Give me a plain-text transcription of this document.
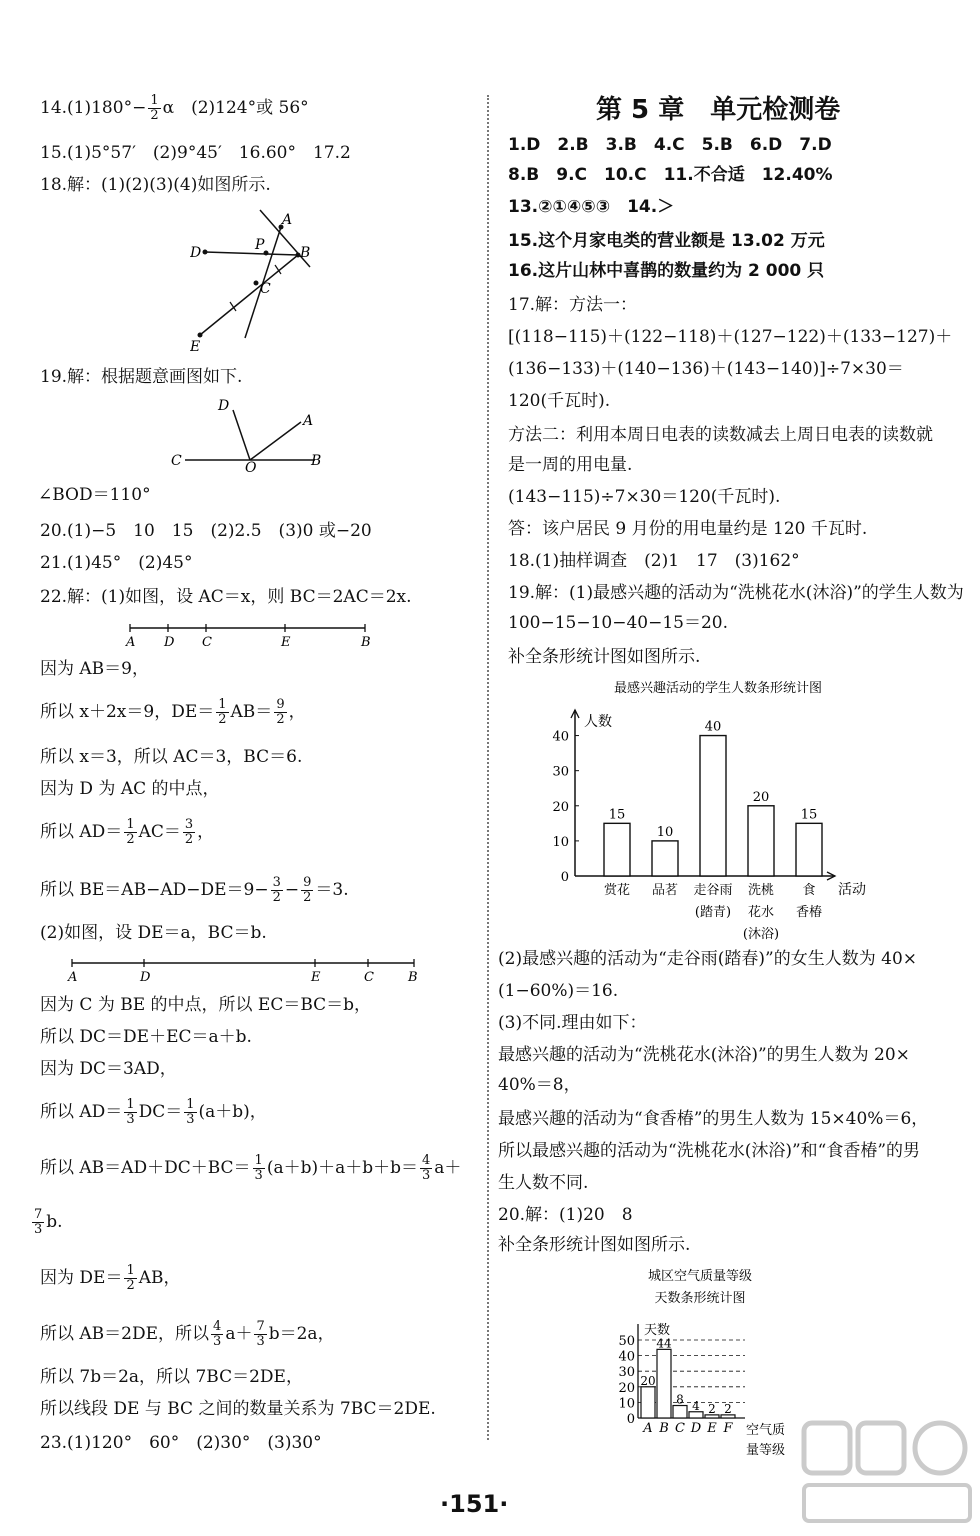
$14.(1)180^\circ- \frac{1}{2}$ α　(2)124°或 56°
15.(1)5°57′　(2)9°45′　16.60°　17.2
18.解：(1)(2)(3)(4)如图所示.
A
B
P
C
D
E
19.解：根据题意画图如下.
D
A
C	O	B
∠BOD＝110°
20.(1)−5　10　15　(2)2.5　(3)0 或−20
21.(1)45°　(2)45°
22.解：(1)如图，设 AC＝x，则 BC＝2AC＝2x.
A D C	E	B
因为 AB＝9，
所以 x＋2x＝9，$DE= \frac{1}{2} AB= \frac{9}{2}$ ，
所以 x＝3，所以 AC＝3，BC＝6.
因为 D 为 AC 的中点，
所以 $AD= \frac{1}{2} AC= \frac{3}{2}$ ，
所以 $BE=AB-AD-DE=9- \frac{3}{2} - \frac{9}{2} =3$.
(2)如图，设 DE＝a，BC＝b.
A	D	E	C	B
因为 C 为 BE 的中点，所以 EC＝BC＝b，
所以 DC＝DE＋EC＝a＋b.
因为 DC＝3AD，
所以 $AD= \frac{1}{3} DC= \frac{1}{3} (a+b)$，
所以 $AB=AD+DC+BC= \frac{1}{3} (a+b)+a+b+b= \frac{4}{3} a+$
$\frac{7}{3} b$.
因为 $DE= \frac{1}{2}$ AB，
所以 AB＝2DE，所以 $\frac{4}{3} a+ \frac{7}{3} b=2a$，
所以 7b＝2a，所以 7BC＝2DE，
所以线段 DE 与 BC 之间的数量关系为 7BC＝2DE.
23.(1)120°　60°　(2)30°　(3)30°
第 5 章　单元检测卷
1.D　2.B　3.B　4.C　5.B　6.D　7.D
8.B　9.C　10.C　11.不合适　12.40%
13.②①④⑤③　14.＞
15.这个月家电类的营业额是 13.02 万元
16.这片山林中喜鹊的数量约为 2 000 只
17.解：方法一：
[(118−115)＋(122−118)＋(127−122)＋(133−127)＋
(136−133)＋(140−136)＋(143−140)]÷7×30＝
120(千瓦时).
方法二：利用本周日电表的读数减去上周日电表的读数就
是一周的用电量.
(143−115)÷7×30＝120(千瓦时).
答：该户居民 9 月份的用电量约是 120 千瓦时.
18.(1)抽样调查　(2)1　17　(3)162°
19.解：(1)最感兴趣的活动为“洗桃花水(沐浴)”的学生人数为
100−15−10−40−15＝20.
补全条形统计图如图所示.
最感兴趣活动的学生人数条形统计图
人数
活动
0
10
20
30
40
15
赏花
10
品茗
40
走谷雨
(踏青)
20
洗桃
花水
(沐浴)
15
食
香椿
(2)最感兴趣的活动为“走谷雨(踏春)”的女生人数为 40×
(1−60%)＝16.
(3)不同.理由如下：
最感兴趣的活动为“洗桃花水(沐浴)”的男生人数为 20×
40%＝8，
最感兴趣的活动为“食香椿”的男生人数为 15×40%＝6，
所以最感兴趣的活动为“洗桃花水(沐浴)”和“食香椿”的男
生人数不同.
20.解：(1)20　8
补全条形统计图如图所示.
城区空气质量等级
天数条形统计图
天数
空气质
量等级
0
10
20
30
40
50
20
A
44
B
8
C
4
D
2
E
2
F
·151·
